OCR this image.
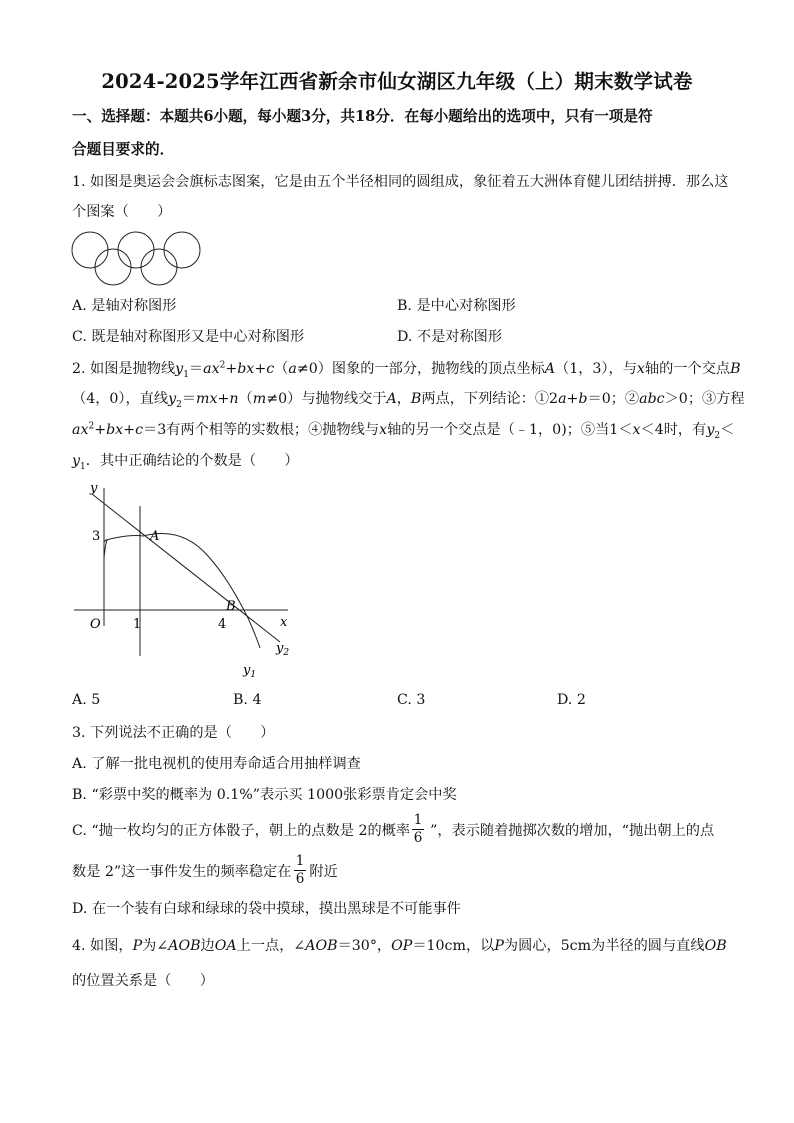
2024-2025学年江西省新余市仙女湖区九年级（上）期末数学试卷
一、选择题：本题共6小题，每小题3分，共18分．在每小题给出的选项中，只有一项是符
合题目要求的．
1. 如图是奥运会会旗标志图案，它是由五个半径相同的圆组成，象征着五大洲体育健儿团结拼搏．那么这
个图案（　　）
A. 是轴对称图形	B. 是中心对称图形
C. 既是轴对称图形又是中心对称图形	D. 不是对称图形
2. 如图是抛物线$y_1=ax^2+bx+c(a\ne 0)$图象的一部分，抛物线的顶点坐标A（1，3），与x轴的一个交点B
（4，0），直线$y_2=mx+n(m\ne 0)$与抛物线交于A，B两点，下列结论：①2a+b＝0；②abc＞0；③方程
$ax^2+bx+c=3$有两个相等的实数根；④抛物线与x轴的另一个交点是（﹣1，0)；⑤当1＜x＜4时，有$y_2<$
$y_1$．其中正确结论的个数是（　　）
y
x
O
3
1	4
A
B
$y_1$
$y_2$
A. 5	B. 4	C. 3	D. 2
3. 下列说法不正确的是（　　）
A. 了解一批电视机的使用寿命适合用抽样调查
B. “彩票中奖的概率为 0.1%”表示买 1000张彩票肯定会中奖
C. “抛一枚均匀的正方体骰子，朝上的点数是 2的概率 ”，表示随着抛掷次数的增加，“抛出朝上的点
$\frac{1}{6}$
数是 2”这一事件发生的频率稳定在 附近
$\frac{1}{6}$
D. 在一个装有白球和绿球的袋中摸球，摸出黑球是不可能事件
4. 如图，P为∠AOB边OA上一点，∠AOB＝30°，OP＝10cm，以P为圆心，5cm为半径的圆与直线OB
的位置关系是（　　）
